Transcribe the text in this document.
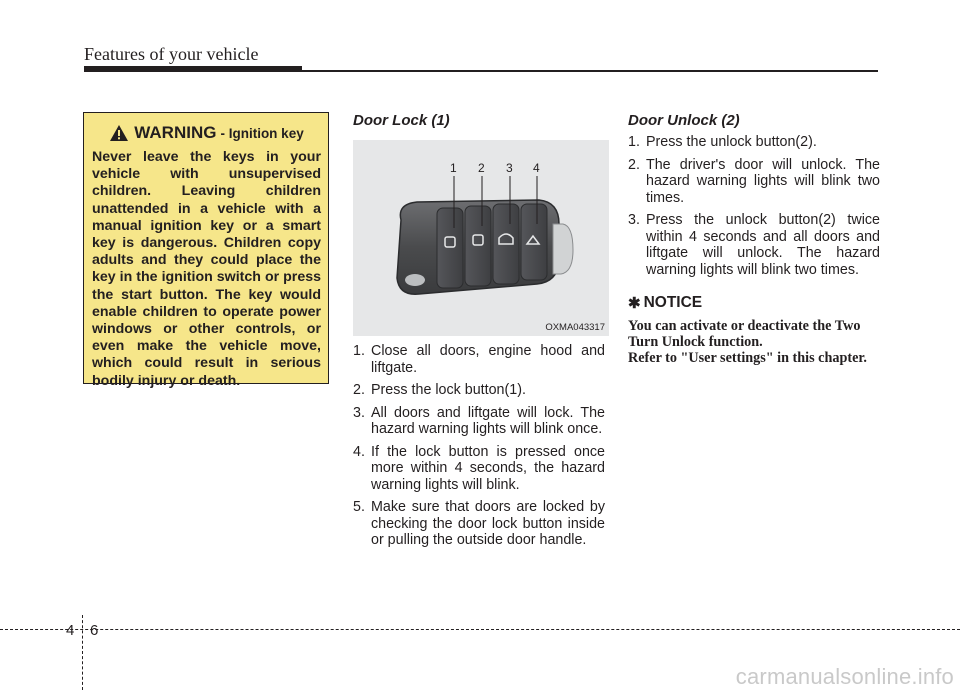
Features of your vehicle
WARNING - Ignition key
Never leave the keys in your vehicle with unsupervised children. Leaving children unattended in a vehicle with a manual ignition key or a smart key is dangerous. Children copy adults and they could place the key in the ignition switch or press the start button. The key would enable children to operate power windows or other controls, or even make the vehicle move, which could result in serious bodily injury or death.
Door Lock (1)
1 2 3 4
OXMA043317
1. Close all doors, engine hood and liftgate.
2. Press the lock button(1).
3. All doors and liftgate will lock. The hazard warning lights will blink once.
4. If the lock button is pressed once more within 4 seconds, the hazard warning lights will blink.
5. Make sure that doors are locked by checking the door lock button inside or pulling the outside door handle.
Door Unlock (2)
1. Press the unlock button(2).
2. The driver's door will unlock. The hazard warning lights will blink two times.
3. Press the unlock button(2) twice within 4 seconds and all doors and liftgate will unlock. The hazard warning lights will blink two times.
✱ NOTICE

You can activate or deactivate the Two Turn Unlock function.

Refer to "User settings" in this chapter.

4 6
carmanualsonline.info
